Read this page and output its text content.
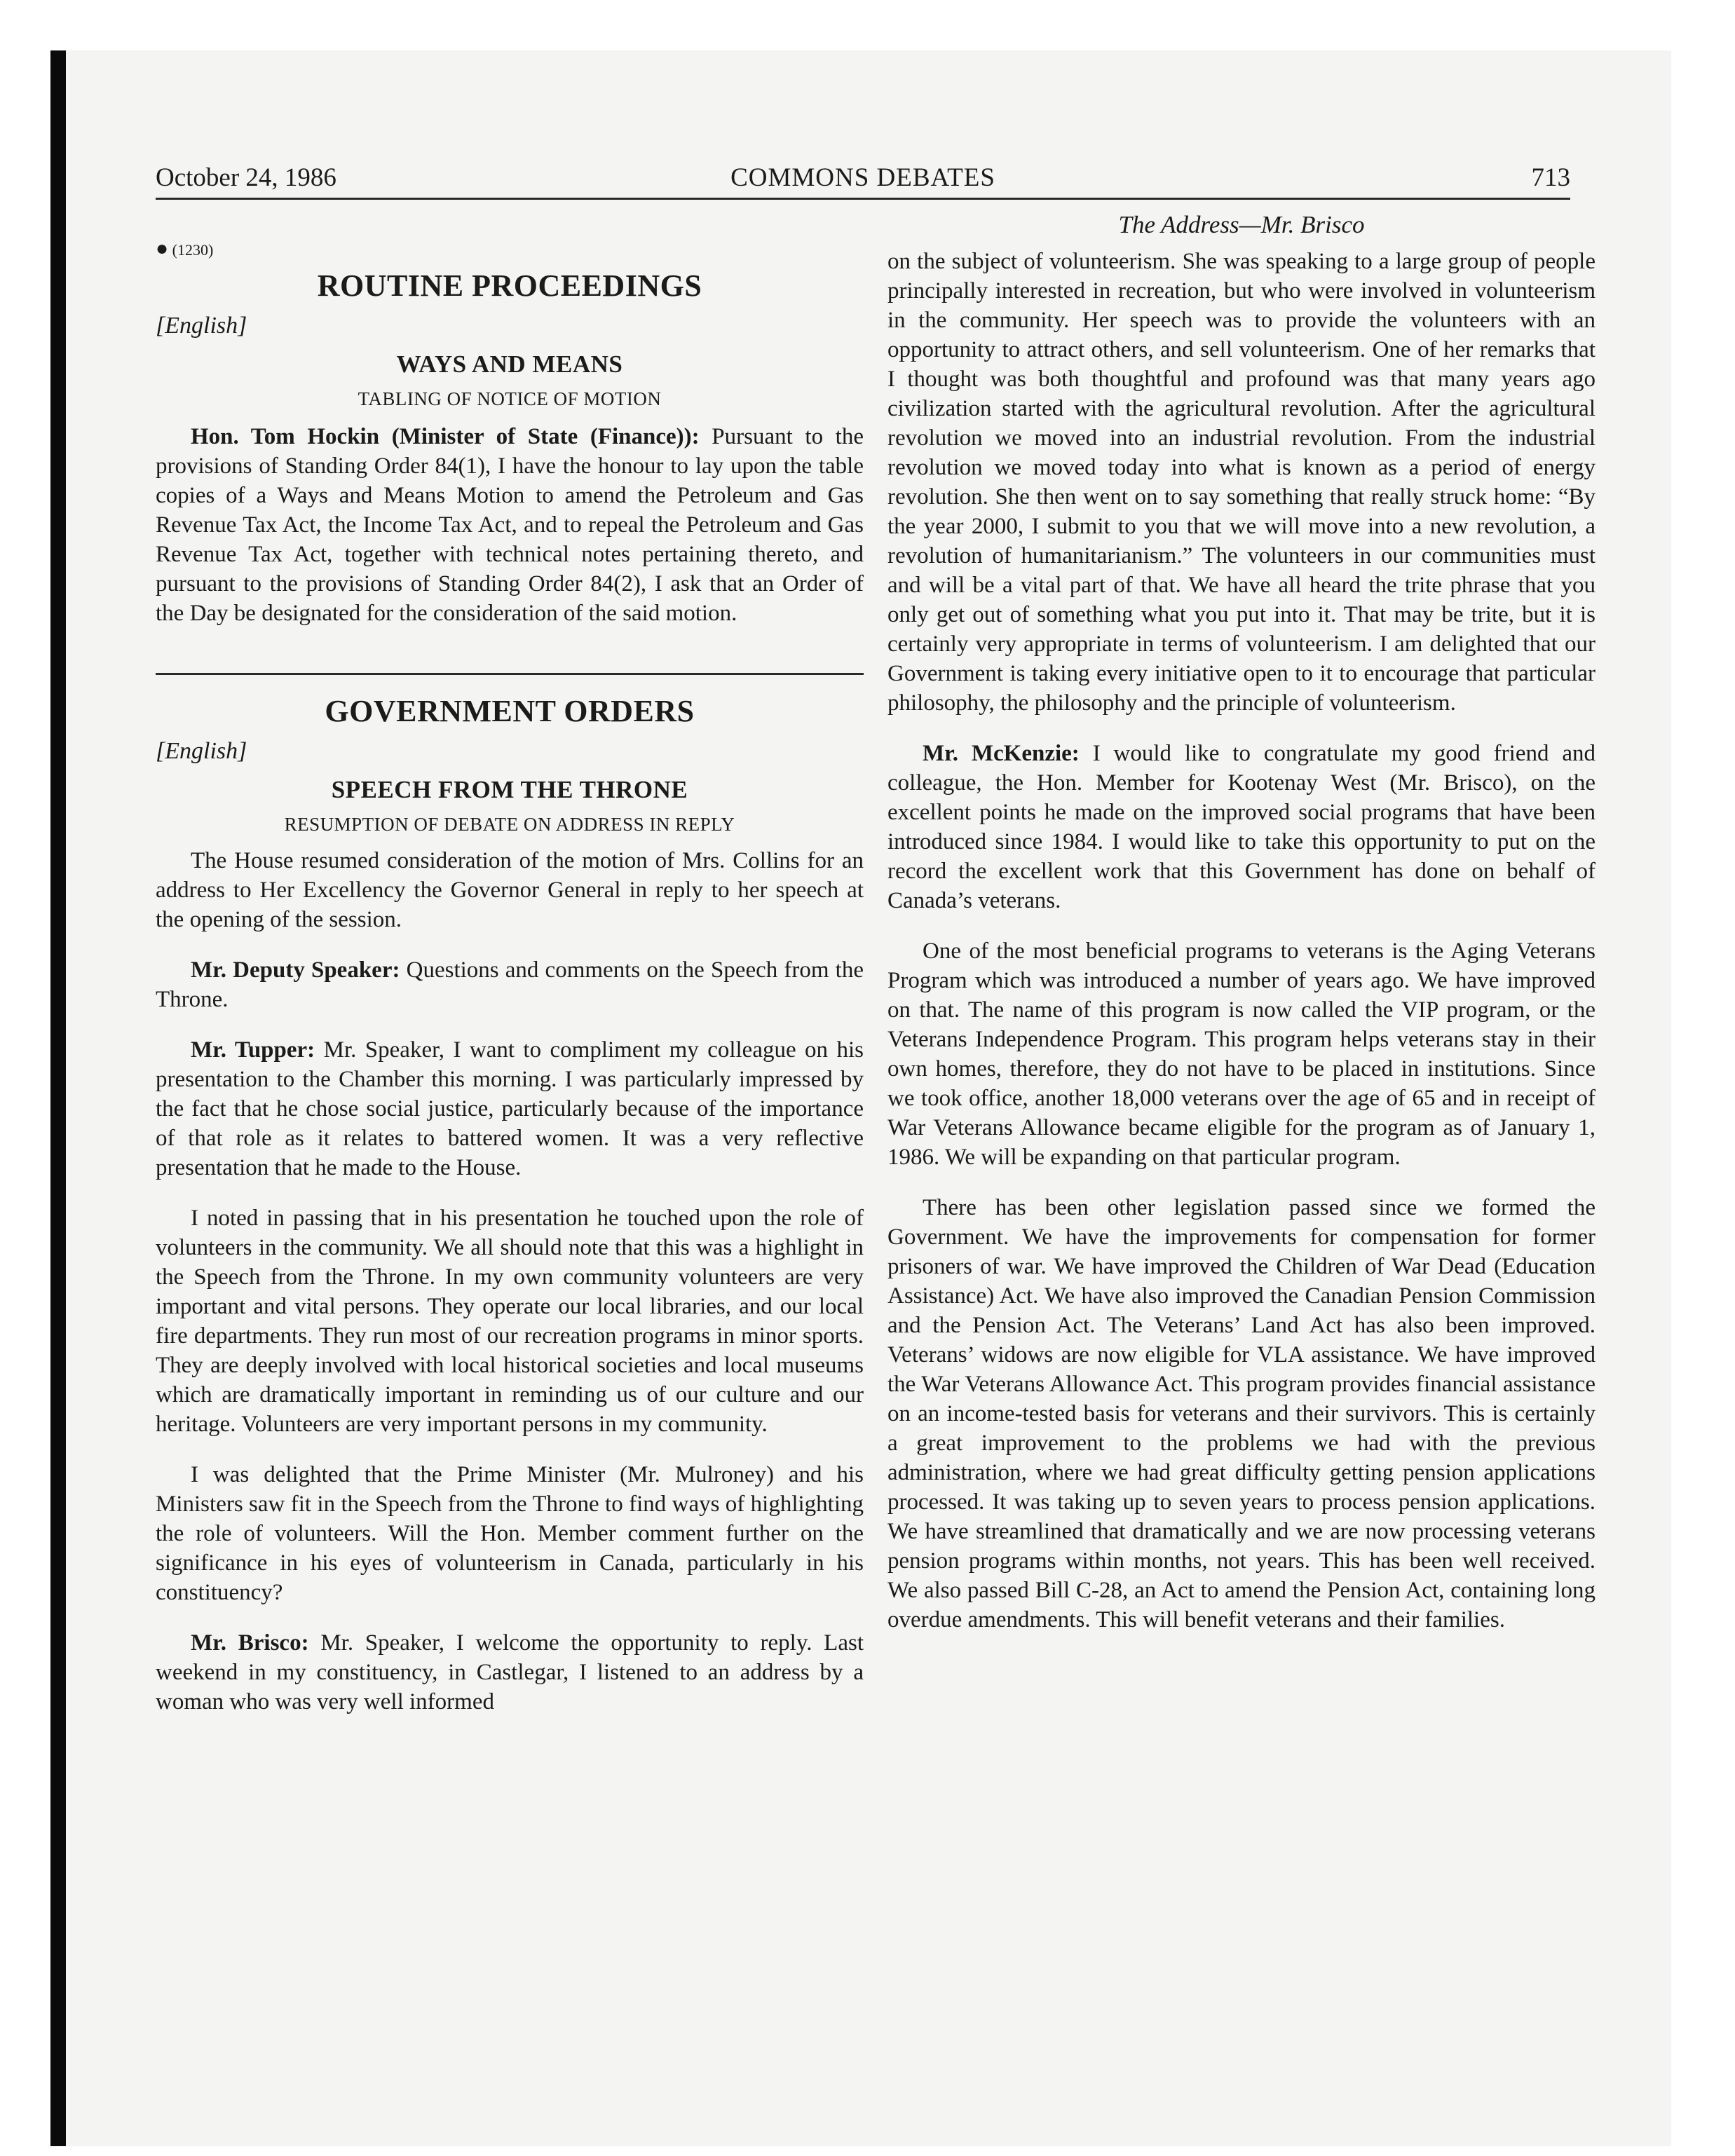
October 24, 1986	COMMONS DEBATES	713
● (1230)
ROUTINE PROCEEDINGS
[English]
WAYS AND MEANS
TABLING OF NOTICE OF MOTION

Hon. Tom Hockin (Minister of State (Finance)): Pursuant to the provisions of Standing Order 84(1), I have the honour to lay upon the table copies of a Ways and Means Motion to amend the Petroleum and Gas Revenue Tax Act, the Income Tax Act, and to repeal the Petroleum and Gas Revenue Tax Act, together with technical notes pertaining thereto, and pursuant to the provisions of Standing Order 84(2), I ask that an Order of the Day be designated for the consideration of the said motion.

GOVERNMENT ORDERS
[English]
SPEECH FROM THE THRONE
RESUMPTION OF DEBATE ON ADDRESS IN REPLY

The House resumed consideration of the motion of Mrs. Collins for an address to Her Excellency the Governor General in reply to her speech at the opening of the session.

Mr. Deputy Speaker: Questions and comments on the Speech from the Throne.

Mr. Tupper: Mr. Speaker, I want to compliment my colleague on his presentation to the Chamber this morning. I was particularly impressed by the fact that he chose social justice, particularly because of the importance of that role as it relates to battered women. It was a very reflective presentation that he made to the House.

I noted in passing that in his presentation he touched upon the role of volunteers in the community. We all should note that this was a highlight in the Speech from the Throne. In my own community volunteers are very important and vital persons. They operate our local libraries, and our local fire departments. They run most of our recreation programs in minor sports. They are deeply involved with local historical societies and local museums which are dramatically important in reminding us of our culture and our heritage. Volunteers are very important persons in my community.

I was delighted that the Prime Minister (Mr. Mulroney) and his Ministers saw fit in the Speech from the Throne to find ways of highlighting the role of volunteers. Will the Hon. Member comment further on the significance in his eyes of volunteerism in Canada, particularly in his constituency?

Mr. Brisco: Mr. Speaker, I welcome the opportunity to reply. Last weekend in my constituency, in Castlegar, I listened to an address by a woman who was very well informed

The Address—Mr. Brisco

on the subject of volunteerism. She was speaking to a large group of people principally interested in recreation, but who were involved in volunteerism in the community. Her speech was to provide the volunteers with an opportunity to attract others, and sell volunteerism. One of her remarks that I thought was both thoughtful and profound was that many years ago civilization started with the agricultural revolution. After the agricultural revolution we moved into an industrial revolution. From the industrial revolution we moved today into what is known as a period of energy revolution. She then went on to say something that really struck home: “By the year 2000, I submit to you that we will move into a new revolution, a revolution of humanitarianism.” The volunteers in our communities must and will be a vital part of that. We have all heard the trite phrase that you only get out of something what you put into it. That may be trite, but it is certainly very appropriate in terms of volunteerism. I am delighted that our Government is taking every initiative open to it to encourage that particular philosophy, the philosophy and the principle of volunteerism.

Mr. McKenzie: I would like to congratulate my good friend and colleague, the Hon. Member for Kootenay West (Mr. Brisco), on the excellent points he made on the improved social programs that have been introduced since 1984. I would like to take this opportunity to put on the record the excellent work that this Government has done on behalf of Canada’s veterans.

One of the most beneficial programs to veterans is the Aging Veterans Program which was introduced a number of years ago. We have improved on that. The name of this program is now called the VIP program, or the Veterans Independence Program. This program helps veterans stay in their own homes, therefore, they do not have to be placed in institutions. Since we took office, another 18,000 veterans over the age of 65 and in receipt of War Veterans Allowance became eligible for the program as of January 1, 1986. We will be expanding on that particular program.

There has been other legislation passed since we formed the Government. We have the improvements for compensation for former prisoners of war. We have improved the Children of War Dead (Education Assistance) Act. We have also improved the Canadian Pension Commission and the Pension Act. The Veterans’ Land Act has also been improved. Veterans’ widows are now eligible for VLA assistance. We have improved the War Veterans Allowance Act. This program provides financial assistance on an income-tested basis for veterans and their survivors. This is certainly a great improvement to the problems we had with the previous administration, where we had great difficulty getting pension applications processed. It was taking up to seven years to process pension applications. We have streamlined that dramatically and we are now processing veterans pension programs within months, not years. This has been well received. We also passed Bill C-28, an Act to amend the Pension Act, containing long overdue amendments. This will benefit veterans and their families.
